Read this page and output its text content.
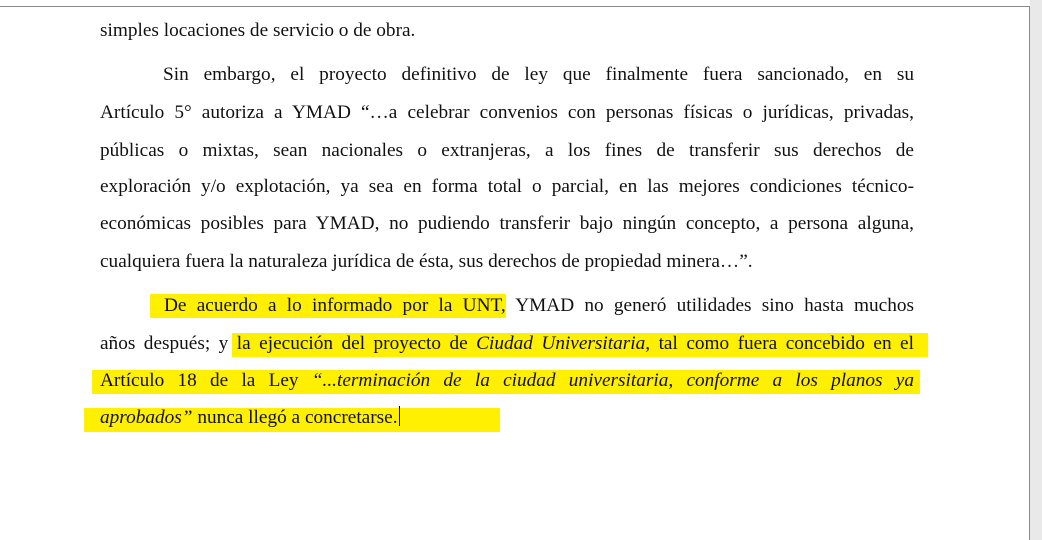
simples locaciones de servicio o de obra.
Sin embargo, el proyecto definitivo de ley que finalmente fuera sancionado, en su
Artículo 5° autoriza a YMAD “…a celebrar convenios con personas físicas o jurídicas, privadas,
públicas o mixtas, sean nacionales o extranjeras, a los fines de transferir sus derechos de
exploración y/o explotación, ya sea en forma total o parcial, en las mejores condiciones técnico-
económicas posibles para YMAD, no pudiendo transferir bajo ningún concepto, a persona alguna,
cualquiera fuera la naturaleza jurídica de ésta, sus derechos de propiedad minera…”.
De acuerdo a lo informado por la UNT, YMAD no generó utilidades sino hasta muchos
años después; y la ejecución del proyecto de Ciudad Universitaria, tal como fuera concebido en el
Artículo 18 de la Ley “...terminación de la ciudad universitaria, conforme a los planos ya
aprobados” nunca llegó a concretarse.
